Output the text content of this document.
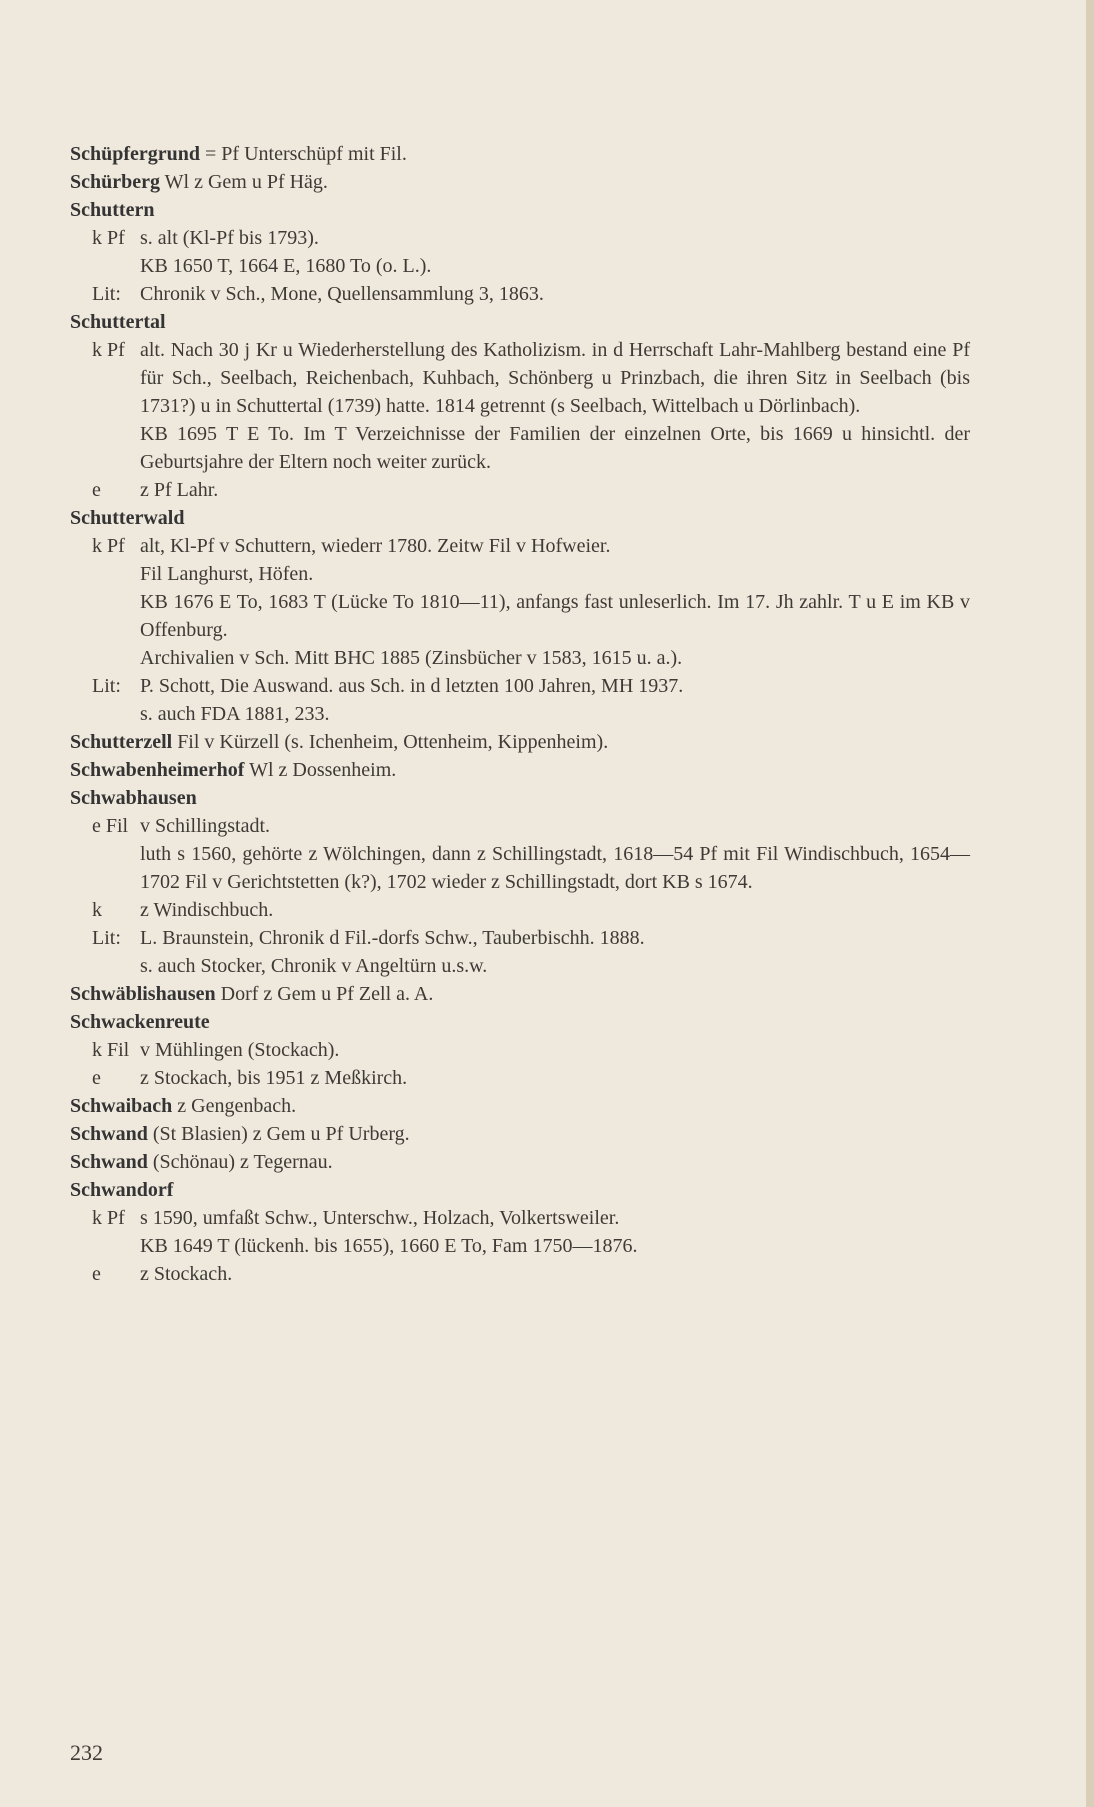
Schüpfergrund = Pf Unterschüpf mit Fil.
Schürberg Wl z Gem u Pf Häg.
Schuttern
k Pf s. alt (Kl-Pf bis 1793).
KB 1650 T, 1664 E, 1680 To (o. L.).
Lit: Chronik v Sch., Mone, Quellensammlung 3, 1863.
Schuttertal
k Pf alt. Nach 30 j Kr u Wiederherstellung des Katholizism. in d Herrschaft Lahr-Mahlberg bestand eine Pf für Sch., Seelbach, Reichenbach, Kuhbach, Schönberg u Prinzbach, die ihren Sitz in Seelbach (bis 1731?) u in Schuttertal (1739) hatte. 1814 getrennt (s Seelbach, Wittelbach u Dörlinbach).
KB 1695 T E To. Im T Verzeichnisse der Familien der einzelnen Orte, bis 1669 u hinsichtl. der Geburtsjahre der Eltern noch weiter zurück.
e	z Pf Lahr.
Schutterwald
k Pf alt, Kl-Pf v Schuttern, wiederr 1780. Zeitw Fil v Hofweier.
Fil Langhurst, Höfen.
KB 1676 E To, 1683 T (Lücke To 1810—11), anfangs fast unleserlich. Im 17. Jh zahlr. T u E im KB v Offenburg.
Archivalien v Sch. Mitt BHC 1885 (Zinsbücher v 1583, 1615 u. a.).
Lit: P. Schott, Die Auswand. aus Sch. in d letzten 100 Jahren, MH 1937.
s. auch FDA 1881, 233.
Schutterzell Fil v Kürzell (s. Ichenheim, Ottenheim, Kippenheim).
Schwabenheimerhof Wl z Dossenheim.
Schwabhausen
e Fil v Schillingstadt.
luth s 1560, gehörte z Wölchingen, dann z Schillingstadt, 1618—54 Pf mit Fil Windischbuch, 1654—1702 Fil v Gerichtstetten (k?), 1702 wieder z Schillingstadt, dort KB s 1674.
k	z Windischbuch.
Lit: L. Braunstein, Chronik d Fil.-dorfs Schw., Tauberbischh. 1888.
s. auch Stocker, Chronik v Angeltürn u.s.w.
Schwäblishausen Dorf z Gem u Pf Zell a. A.
Schwackenreute
k Fil v Mühlingen (Stockach).
e	z Stockach, bis 1951 z Meßkirch.
Schwaibach z Gengenbach.
Schwand (St Blasien) z Gem u Pf Urberg.
Schwand (Schönau) z Tegernau.
Schwandorf
k Pf s 1590, umfaßt Schw., Unterschw., Holzach, Volkertsweiler.
KB 1649 T (lückenh. bis 1655), 1660 E To, Fam 1750—1876.
e	z Stockach.
232
